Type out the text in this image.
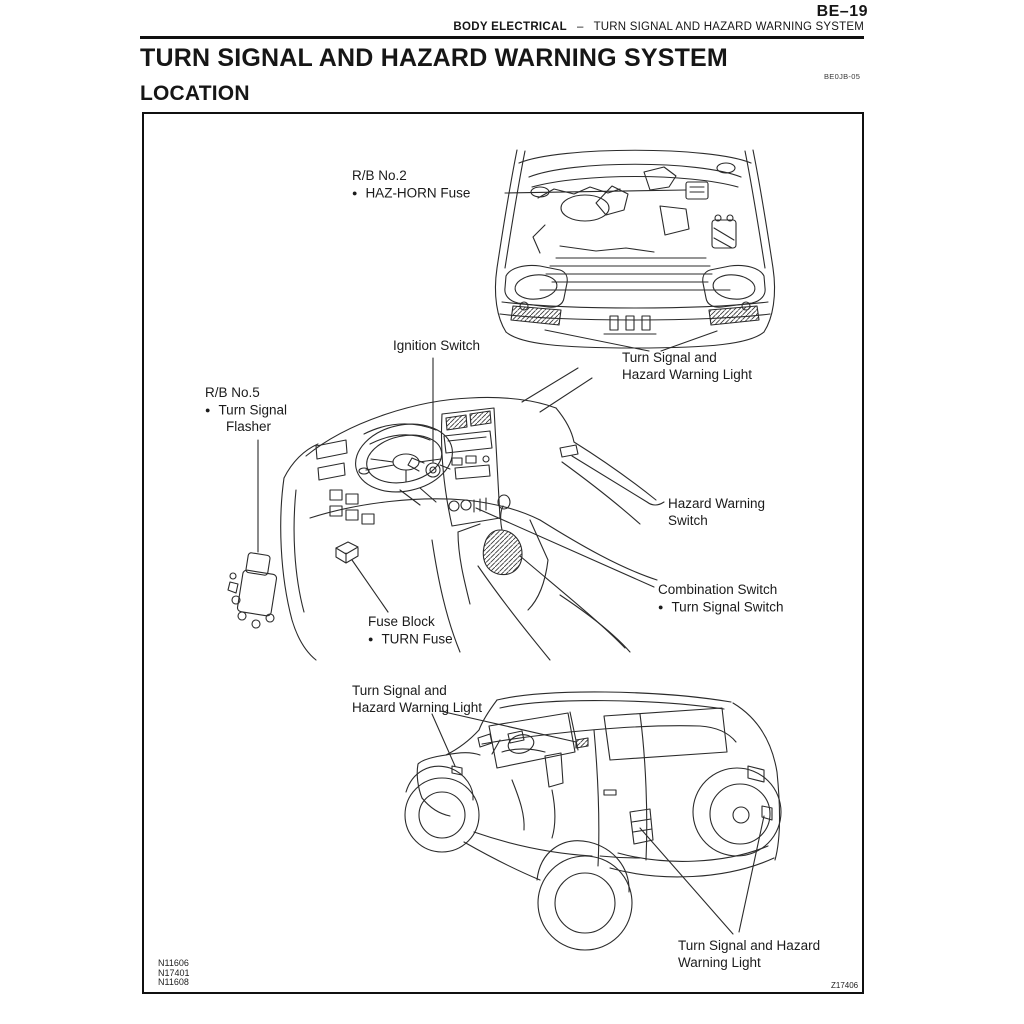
BE–19
BODY ELECTRICAL – TURN SIGNAL AND HAZARD WARNING SYSTEM
TURN SIGNAL AND HAZARD WARNING SYSTEM
BE0JB-05
LOCATION
R/B No.2
● HAZ-HORN Fuse
Ignition Switch
Turn Signal and
Hazard Warning Light
R/B No.5
● Turn Signal
Flasher
Hazard Warning
Switch
Combination Switch
● Turn Signal Switch
Fuse Block
● TURN Fuse
Turn Signal and
Hazard Warning Light
Turn Signal and Hazard
Warning Light
N11606
N17401
N11608	Z17406
